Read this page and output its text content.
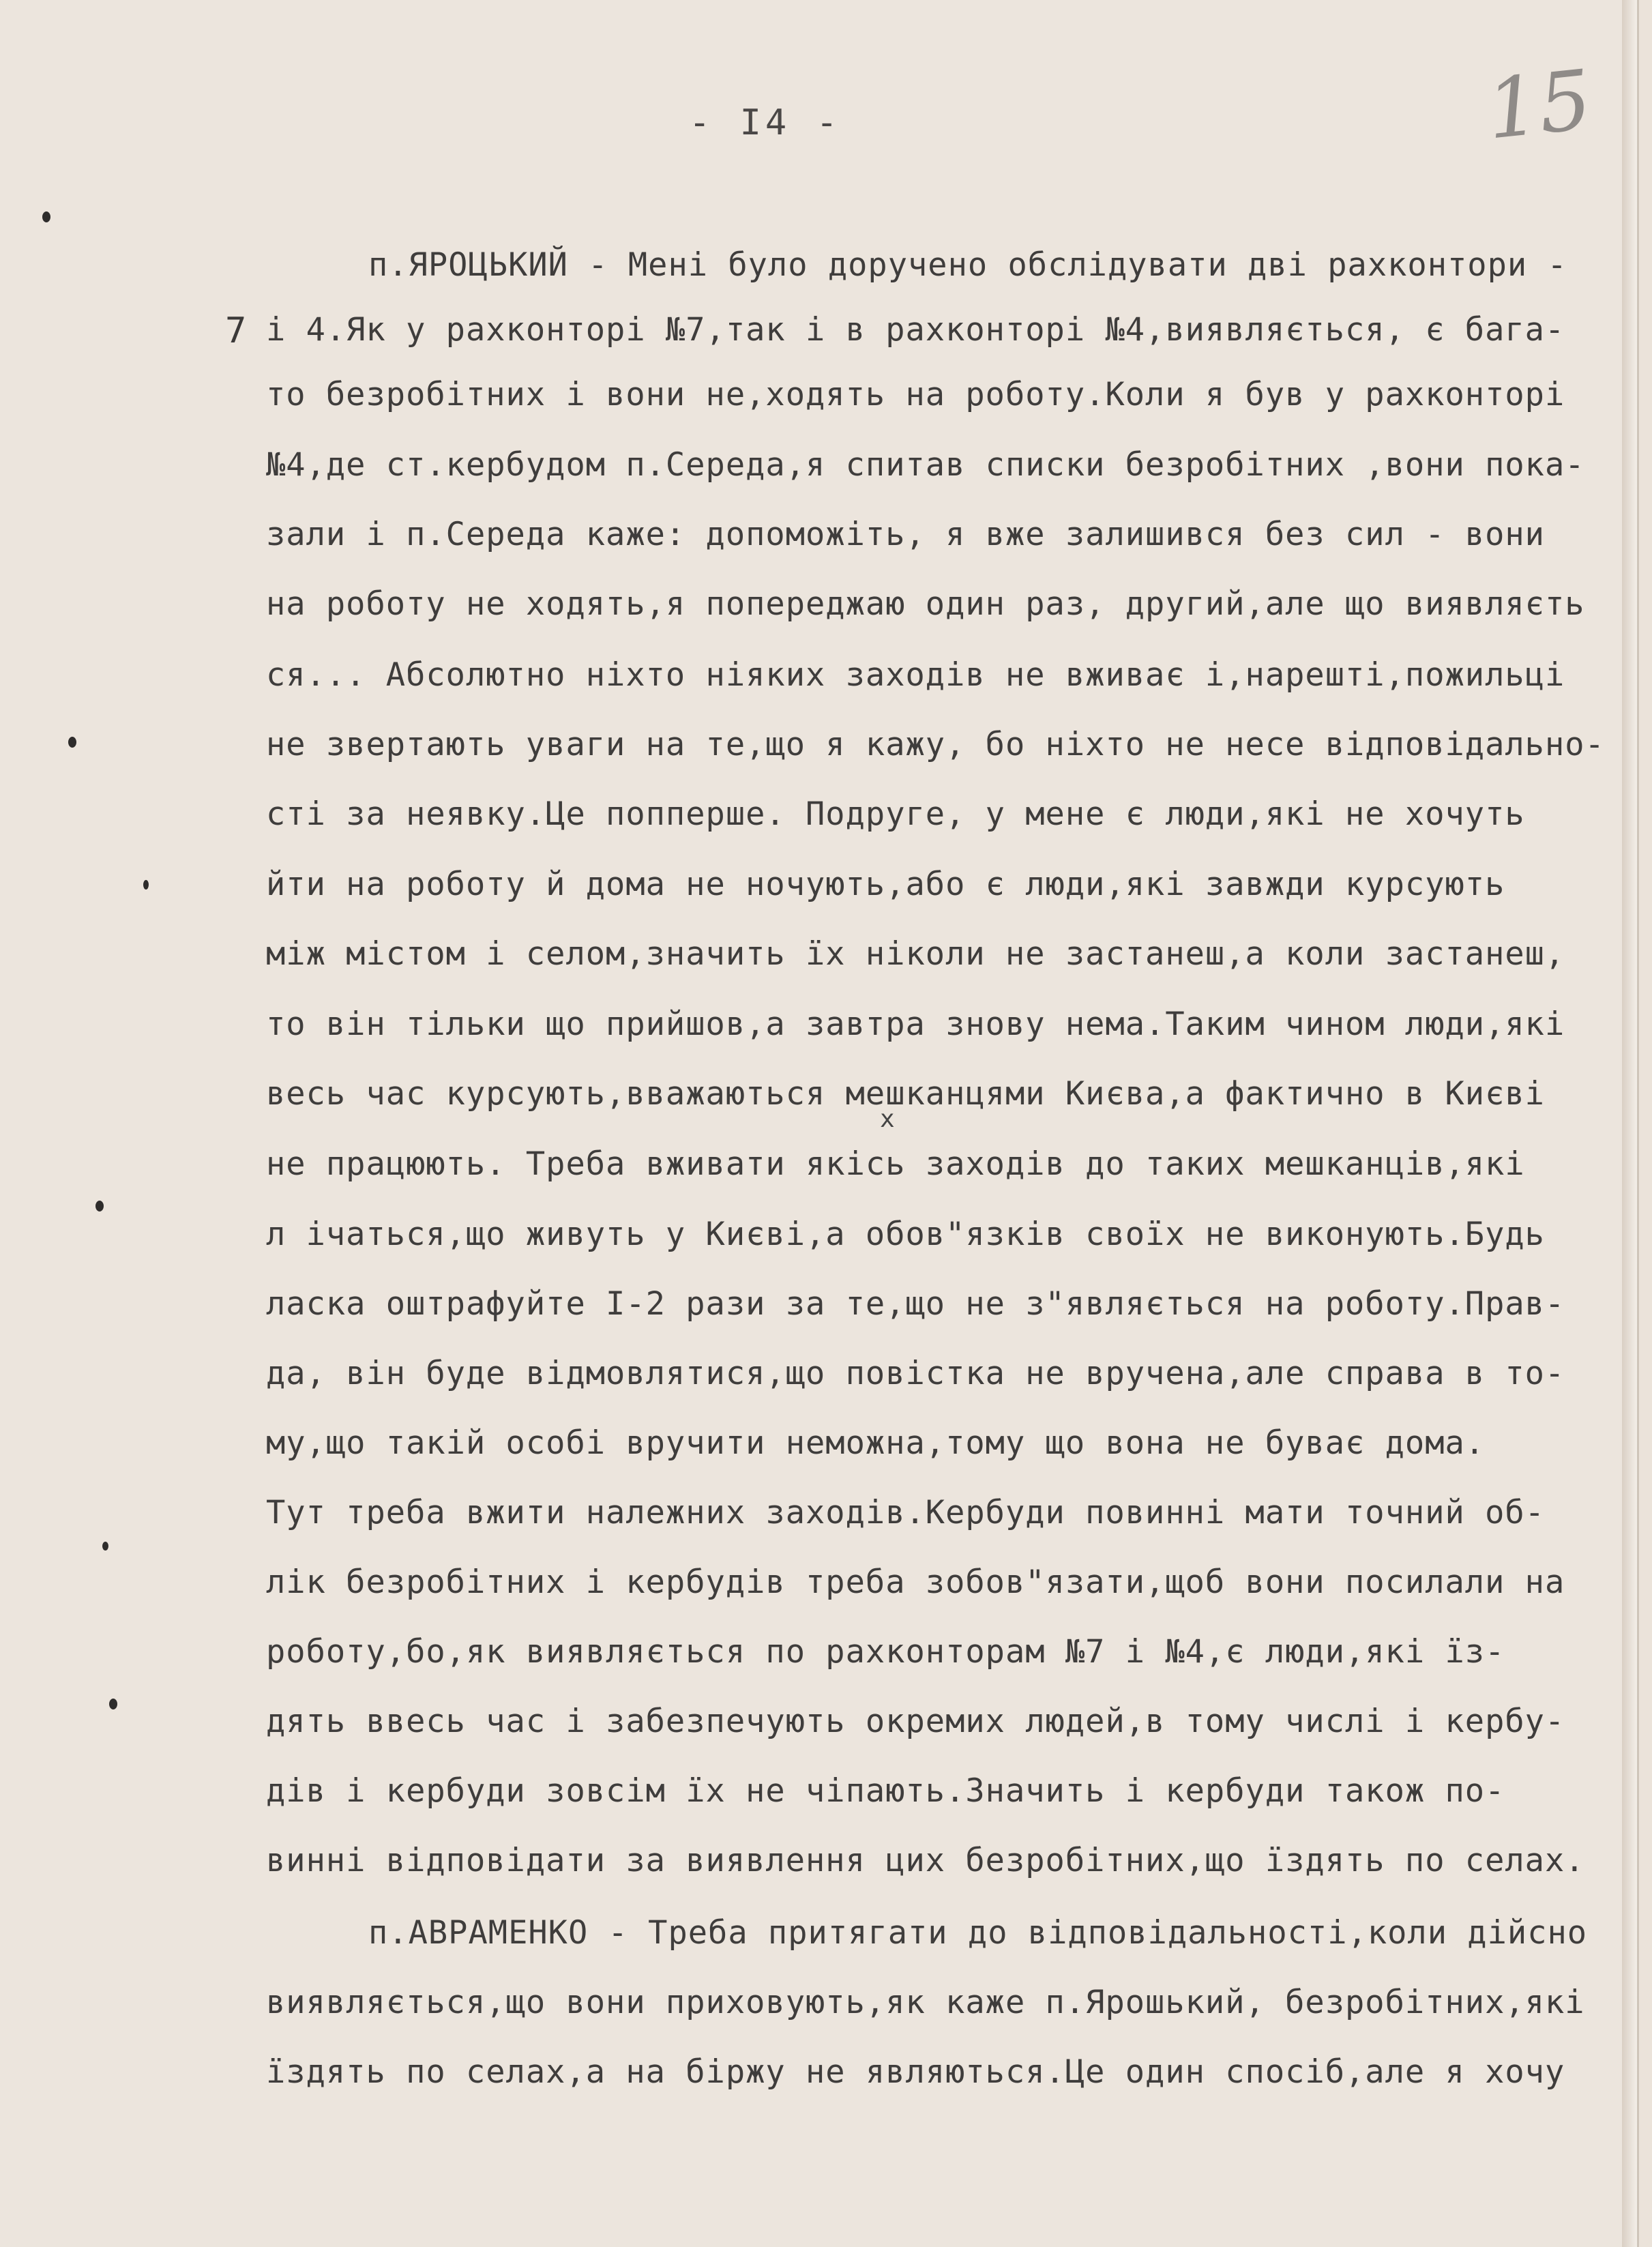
- I4 -	15
7
x
п.ЯРОЦЬКИЙ - Мені було доручено обслідувати дві рахконтори -
і 4.Як у рахконторі №7,так і в рахконторі №4,виявляється, є бага-
то безробітних і вони не,ходять на роботу.Коли я був у рахконторі
№4,де ст.кербудом п.Середа,я спитав списки безробітних ,вони пока-
зали і п.Середа каже: допоможіть, я вже залишився без сил - вони
на роботу не ходять,я попереджаю один раз, другий,але що виявляєть
ся... Абсолютно ніхто ніяких заходів не вживає і,нарешті,пожильці
не звертають уваги на те,що я кажу, бо ніхто не несе відповідально-
сті за неявку.Це попперше. Подруге, у мене є люди,які не хочуть
йти на роботу й дома не ночують,або є люди,які завжди курсують
між містом і селом,значить їх ніколи не застанеш,а коли застанеш,
то він тільки що прийшов,а завтра знову нема.Таким чином люди,які
весь час курсують,вважаються мешканцями Києва,а фактично в Києві
не працюють. Треба вживати якісь заходів до таких мешканців,які
л ічаться,що живуть у Києві,а обов"язків своїх не виконують.Будь
ласка оштрафуйте I-2 рази за те,що не з"являється на роботу.Прав-
да, він буде відмовлятися,що повістка не вручена,але справа в то-
му,що такій особі вручити неможна,тому що вона не буває дома.
Тут треба вжити належних заходів.Кербуди повинні мати точний об-
лік безробітних і кербудів треба зобов"язати,щоб вони посилали на
роботу,бо,як виявляється по рахконторам №7 і №4,є люди,які їз-
дять ввесь час і забезпечують окремих людей,в тому числі і кербу-
дів і кербуди зовсім їх не чіпають.Значить і кербуди також по-
винні відповідати за виявлення цих безробітних,що їздять по селах.
п.АВРАМЕНКО - Треба притягати до відповідальності,коли дійсно
виявляється,що вони приховують,як каже п.Ярошький, безробітних,які
їздять по селах,а на біржу не являються.Це один спосіб,але я хочу
